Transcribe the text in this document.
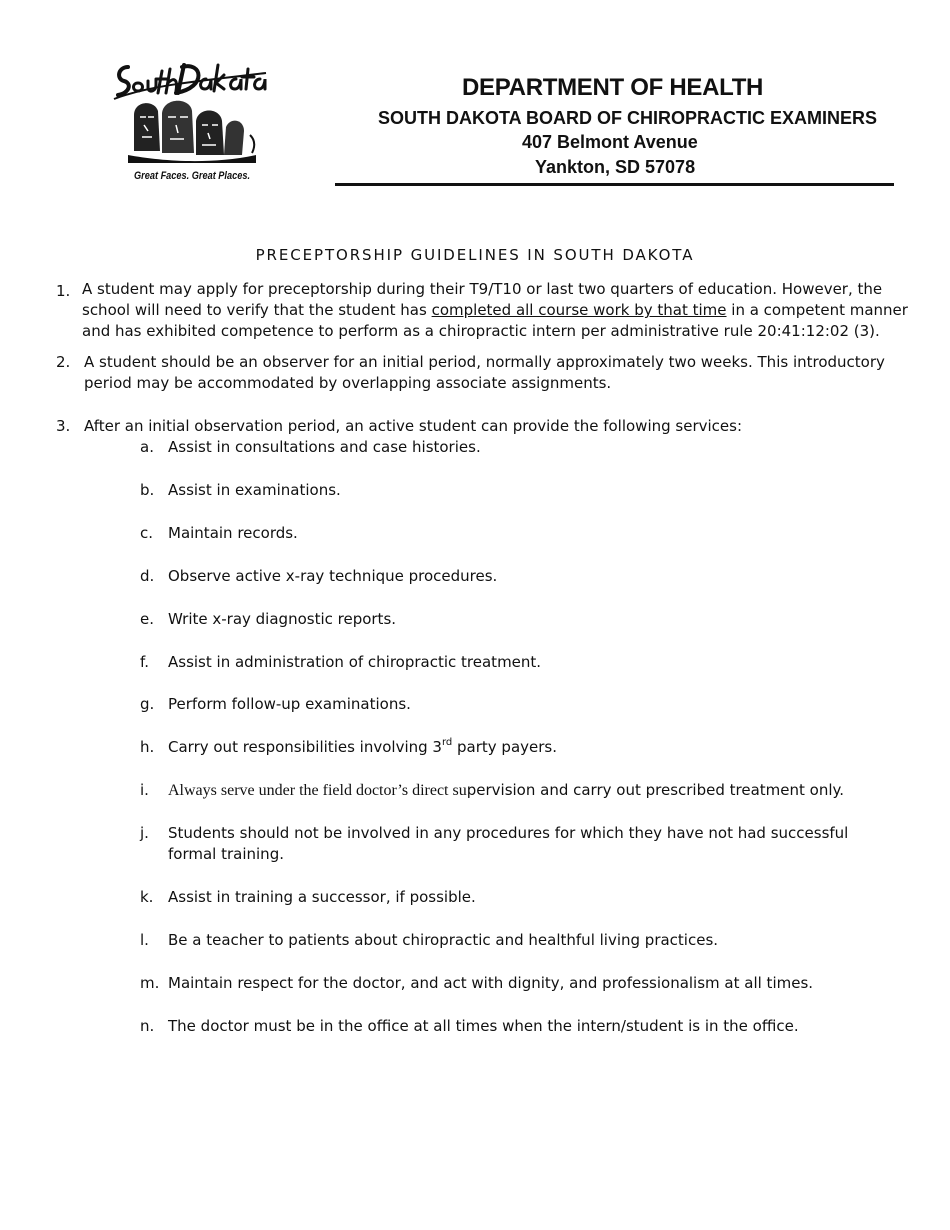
Great Faces. Great Places.
DEPARTMENT OF HEALTH
SOUTH DAKOTA BOARD OF CHIROPRACTIC EXAMINERS
407 Belmont Avenue
Yankton, SD 57078
PRECEPTORSHIP GUIDELINES IN SOUTH DAKOTA
1. A student may apply for preceptorship during their T9/T10 or last two quarters of education. However, the
school will need to verify that the student has completed all course work by that time in a competent manner
and has exhibited competence to perform as a chiropractic intern per administrative rule 20:41:12:02 (3).
2. A student should be an observer for an initial period, normally approximately two weeks. This introductory
period may be accommodated by overlapping associate assignments.
3. After an initial observation period, an active student can provide the following services:
a. Assist in consultations and case histories.
b. Assist in examinations.
c. Maintain records.
d. Observe active x-ray technique procedures.
e. Write x-ray diagnostic reports.
f. Assist in administration of chiropractic treatment.
g. Perform follow-up examinations.
h. Carry out responsibilities involving 3rd party payers.
i. Always serve under the field doctor’s direct supervision and carry out prescribed treatment only.
j. Students should not be involved in any procedures for which they have not had successful
formal training.
k. Assist in training a successor, if possible.
l. Be a teacher to patients about chiropractic and healthful living practices.
m. Maintain respect for the doctor, and act with dignity, and professionalism at all times.
n. The doctor must be in the office at all times when the intern/student is in the office.
